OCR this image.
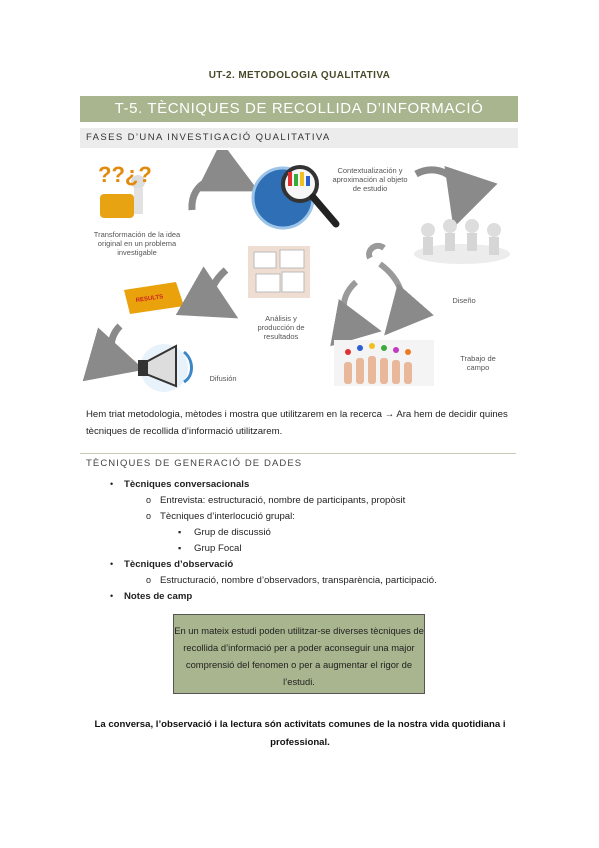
UT-2. METODOLOGIA QUALITATIVA
T-5. TÈCNIQUES DE RECOLLIDA D’INFORMACIÓ
FASES D’UNA INVESTIGACIÓ QUALITATIVA
??¿?
RESULTS
Transformación de la idea original en un problema investigable
Contextualización y aproximación al objeto de estudio
Diseño
Análisis y producción de resultados
Trabajo de campo
Difusión
Hem triat metodologia, mètodes i mostra que utilitzarem en la recerca → Ara hem de decidir quines tècniques de recollida d’informació utilitzarem.
TÈCNIQUES DE GENERACIÓ DE DADES
• Tècniques conversacionals
o Entrevista: estructuració, nombre de participants, propòsit
o Tècniques d’interlocució grupal:
▪ Grup de discussió
▪ Grup Focal
• Tècniques d’observació
o Estructuració, nombre d’observadors, transparència, participació.
• Notes de camp
En un mateix estudi poden utilitzar-se diverses tècniques de recollida d’informació per a poder aconseguir una major comprensió del fenomen o per a augmentar el rigor de l’estudi.
La conversa, l’observació i la lectura són activitats comunes de la nostra vida quotidiana i professional.
